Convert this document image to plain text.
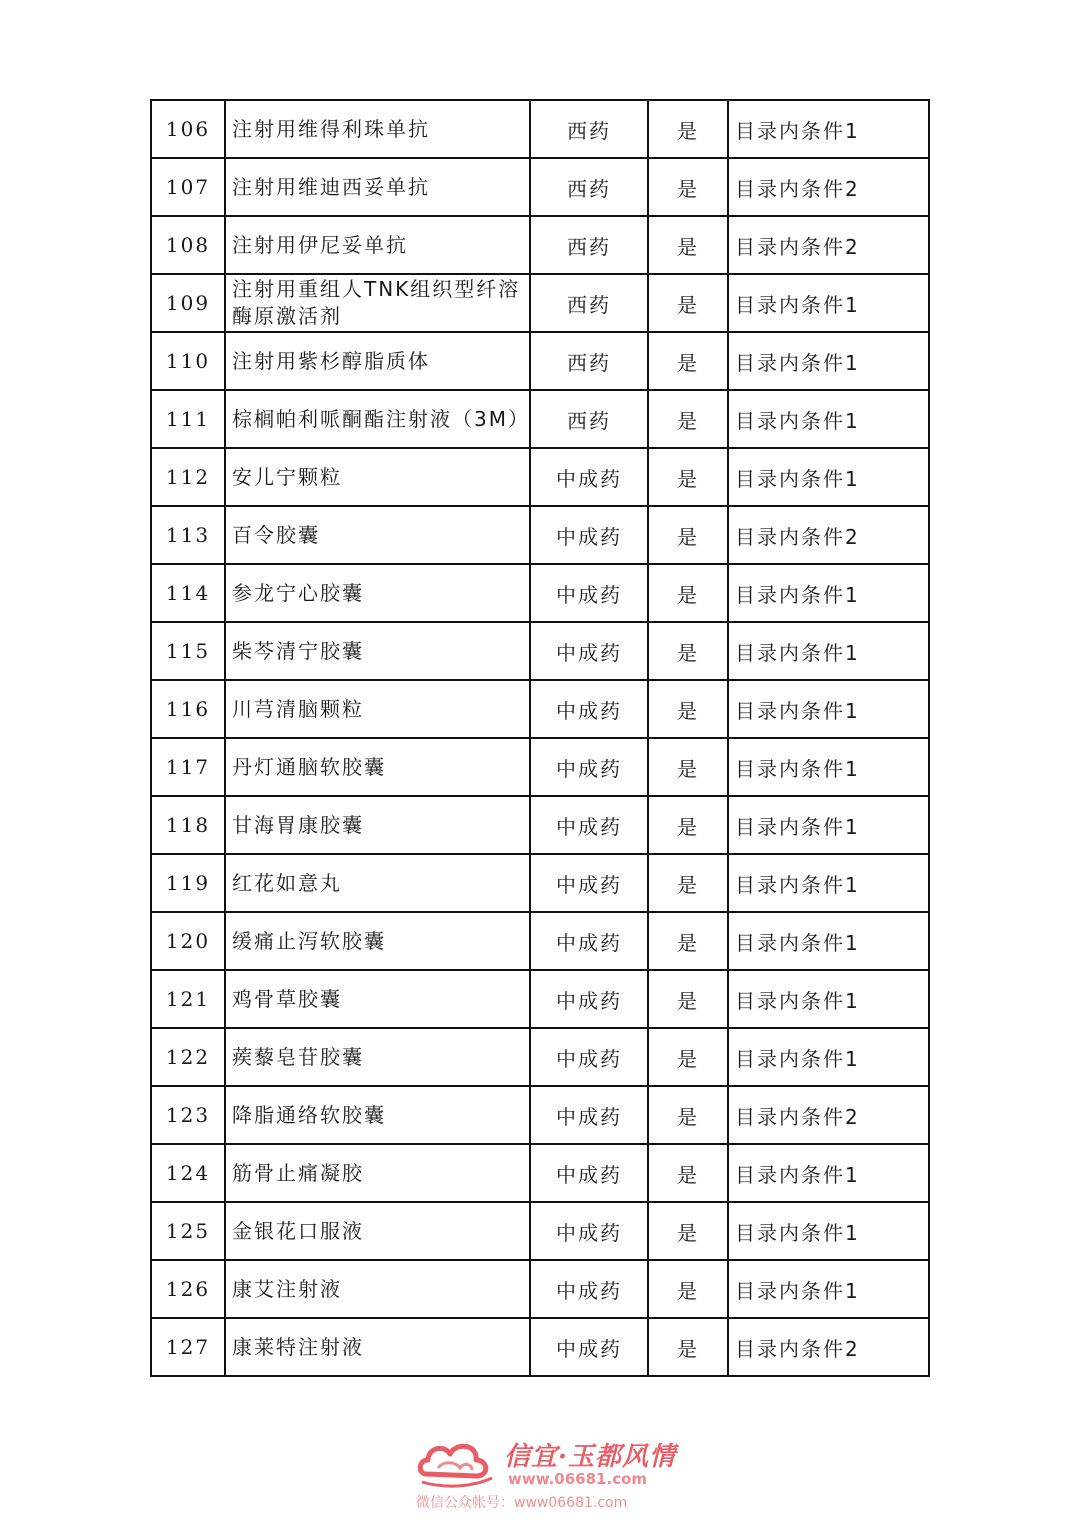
106	注射用维得利珠单抗	西药	是	目录内条件1
107	注射用维迪西妥单抗	西药	是	目录内条件2
108	注射用伊尼妥单抗	西药	是	目录内条件2
109	注射用重组人TNK组织型纤溶酶原激活剂	西药	是	目录内条件1
110	注射用紫杉醇脂质体	西药	是	目录内条件1
111	棕榈帕利哌酮酯注射液（3M）	西药	是	目录内条件1
112	安儿宁颗粒	中成药	是	目录内条件1
113	百令胶囊	中成药	是	目录内条件2
114	参龙宁心胶囊	中成药	是	目录内条件1
115	柴芩清宁胶囊	中成药	是	目录内条件1
116	川芎清脑颗粒	中成药	是	目录内条件1
117	丹灯通脑软胶囊	中成药	是	目录内条件1
118	甘海胃康胶囊	中成药	是	目录内条件1
119	红花如意丸	中成药	是	目录内条件1
120	缓痛止泻软胶囊	中成药	是	目录内条件1
121	鸡骨草胶囊	中成药	是	目录内条件1
122	蒺藜皂苷胶囊	中成药	是	目录内条件1
123	降脂通络软胶囊	中成药	是	目录内条件2
124	筋骨止痛凝胶	中成药	是	目录内条件1
125	金银花口服液	中成药	是	目录内条件1
126	康艾注射液	中成药	是	目录内条件1
127	康莱特注射液	中成药	是	目录内条件2
信宜·玉都风情
www.06681.com
微信公众帐号：www06681.com
